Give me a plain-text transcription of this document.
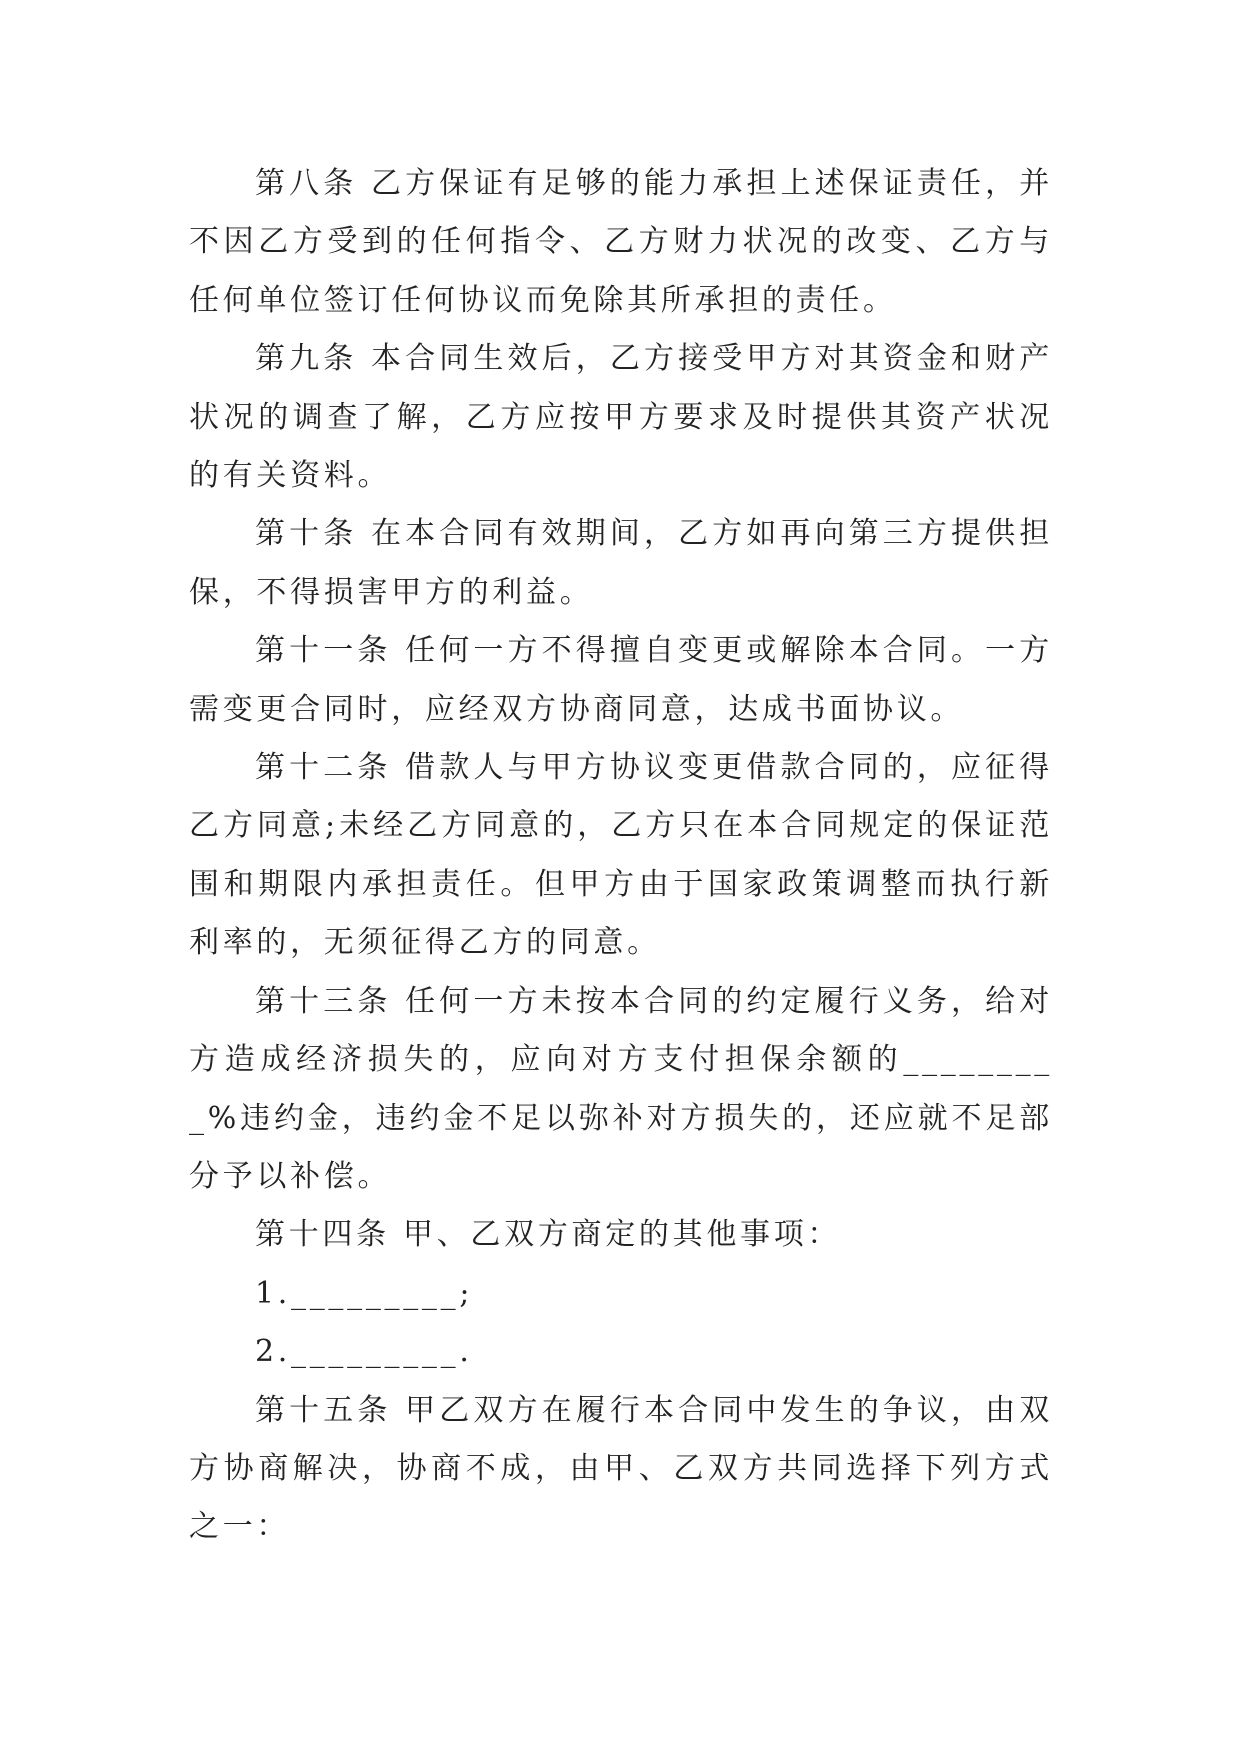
第八条 乙方保证有足够的能力承担上述保证责任，并不因乙方受到的任何指令、乙方财力状况的改变、乙方与任何单位签订任何协议而免除其所承担的责任。

第九条 本合同生效后，乙方接受甲方对其资金和财产状况的调查了解，乙方应按甲方要求及时提供其资产状况的有关资料。

第十条 在本合同有效期间，乙方如再向第三方提供担保，不得损害甲方的利益。

第十一条 任何一方不得擅自变更或解除本合同。一方需变更合同时，应经双方协商同意，达成书面协议。

第十二条 借款人与甲方协议变更借款合同的，应征得乙方同意;未经乙方同意的，乙方只在本合同规定的保证范围和期限内承担责任。但甲方由于国家政策调整而执行新利率的，无须征得乙方的同意。

第十三条 任何一方未按本合同的约定履行义务，给对方造成经济损失的，应向对方支付担保余额的_________%违约金，违约金不足以弥补对方损失的，还应就不足部分予以补偿。

第十四条 甲、乙双方商定的其他事项：

1._________;

2._________.

第十五条 甲乙双方在履行本合同中发生的争议，由双方协商解决，协商不成，由甲、乙双方共同选择下列方式之一：
